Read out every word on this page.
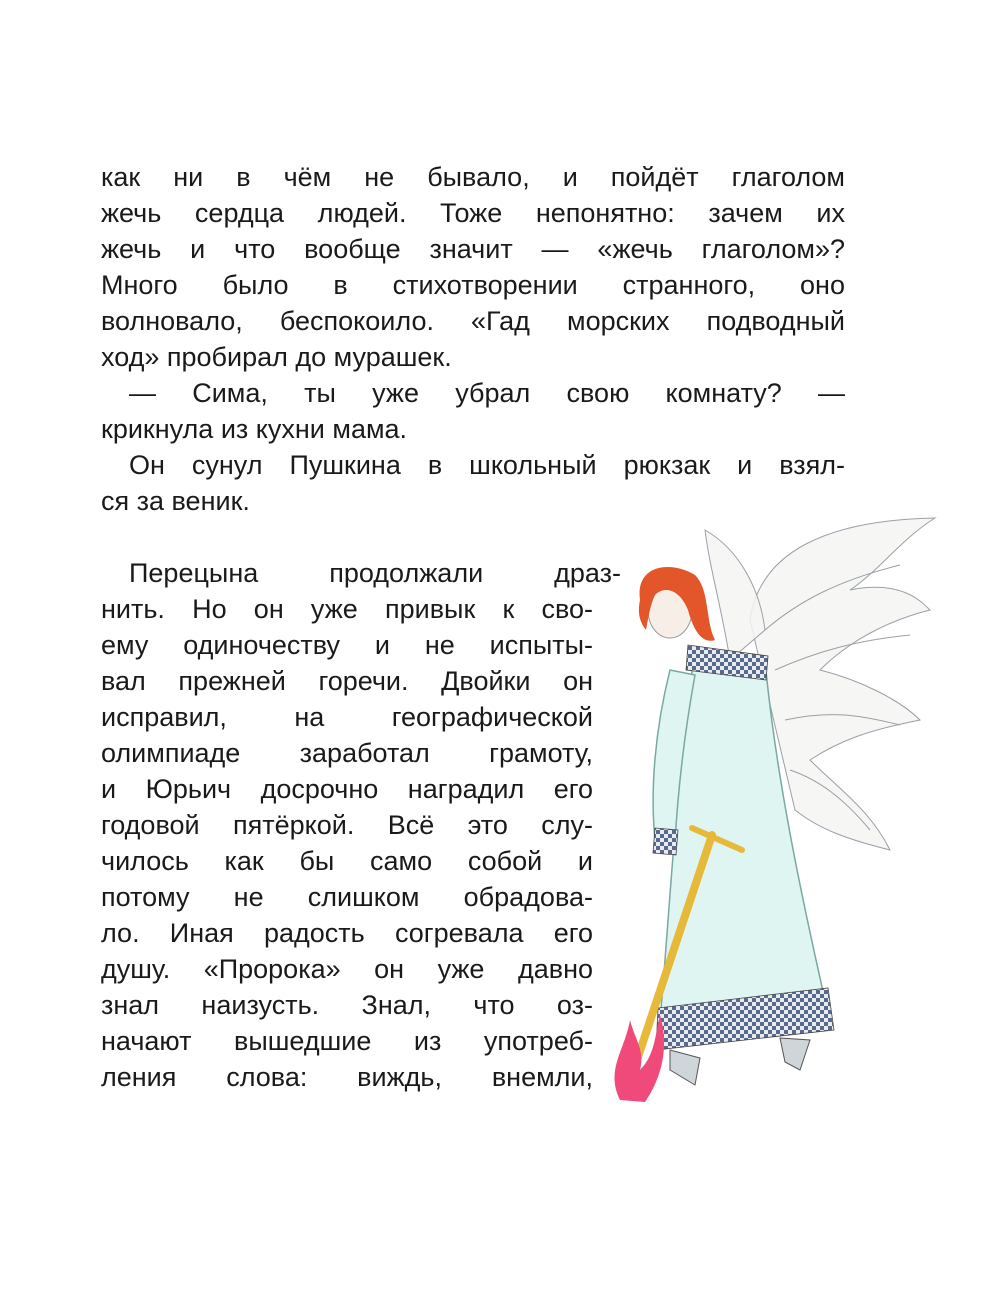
как ни в чём не бывало, и пойдёт глаголом
жечь сердца людей. Тоже непонятно: зачем их
жечь и что вообще значит — «жечь глаголом»?
Много было в стихотворении странного, оно
волновало, беспокоило. «Гад морских подводный
ход» пробирал до мурашек.
— Сима, ты уже убрал свою комнату? —
крикнула из кухни мама.
Он сунул Пушкина в школьный рюкзак и взял-
ся за веник.
Перецына продолжали драз-
нить. Но он уже привык к сво-
ему одиночеству и не испыты-
вал прежней горечи. Двойки он
исправил, на географической
олимпиаде заработал грамоту,
и Юрьич досрочно наградил его
годовой пятёркой. Всё это слу-
чилось как бы само собой и
потому не слишком обрадова-
ло. Иная радость согревала его
душу. «Пророка» он уже давно
знал наизусть. Знал, что оз-
начают вышедшие из употреб-
ления слова: виждь, внемли,
